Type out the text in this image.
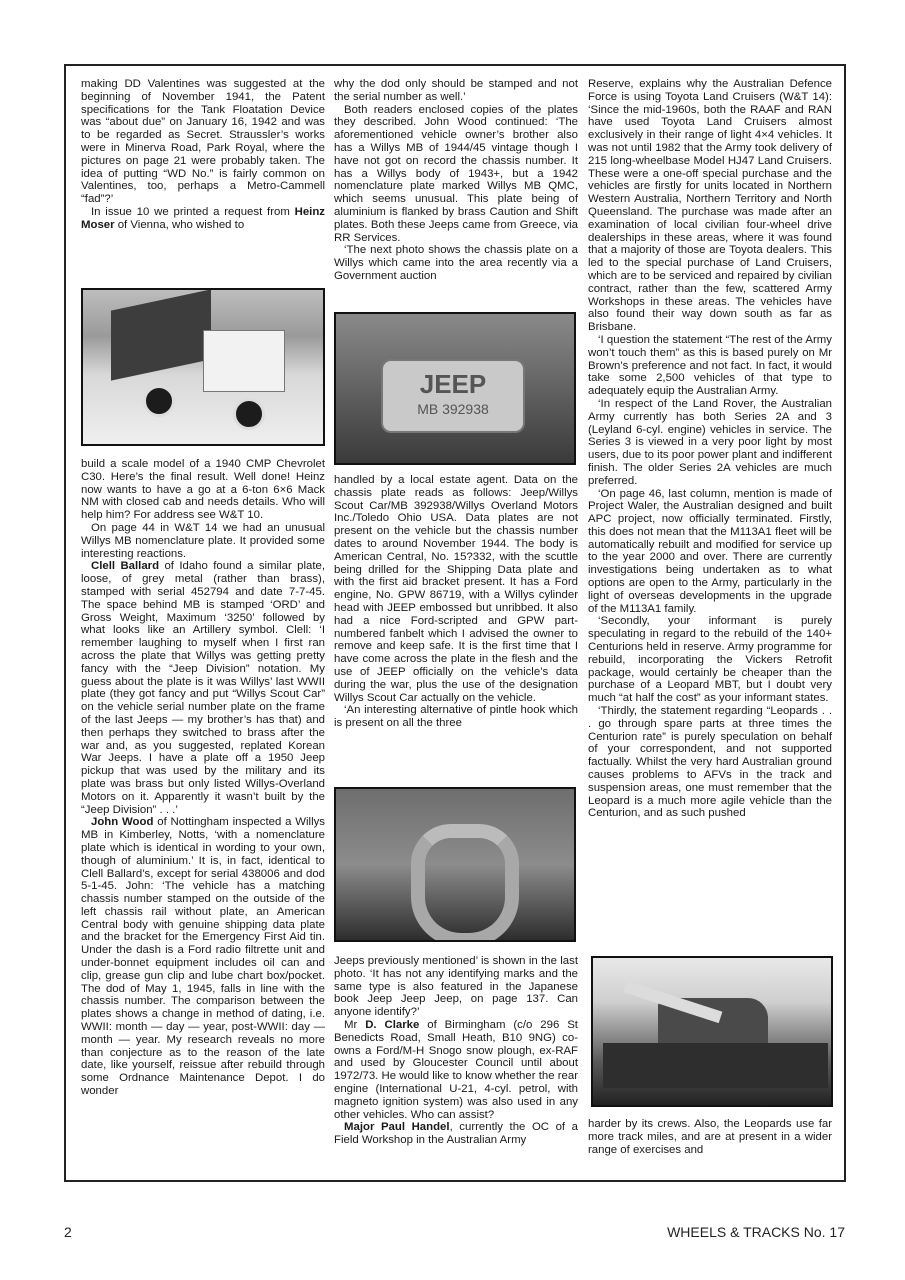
making DD Valentines was suggested at the beginning of November 1941, the Patent specifications for the Tank Floatation Device was “about due” on January 16, 1942 and was to be regarded as Secret. Straussler’s works were in Minerva Road, Park Royal, where the pictures on page 21 were probably taken. The idea of putting “WD No.” is fairly common on Valentines, too, perhaps a Metro-Cammell “fad”?’

In issue 10 we printed a request from Heinz Moser of Vienna, who wished to

build a scale model of a 1940 CMP Chevrolet C30. Here’s the final result. Well done! Heinz now wants to have a go at a 6-ton 6×6 Mack NM with closed cab and needs details. Who will help him? For address see W&T 10.

On page 44 in W&T 14 we had an unusual Willys MB nomenclature plate. It provided some interesting reactions.

Clell Ballard of Idaho found a similar plate, loose, of grey metal (rather than brass), stamped with serial 452794 and date 7-7-45. The space behind MB is stamped ‘ORD’ and Gross Weight, Maximum ‘3250’ followed by what looks like an Artillery symbol. Clell: ‘I remember laughing to myself when I first ran across the plate that Willys was getting pretty fancy with the “Jeep Division” notation. My guess about the plate is it was Willys’ last WWII plate (they got fancy and put “Willys Scout Car” on the vehicle serial number plate on the frame of the last Jeeps — my brother’s has that) and then perhaps they switched to brass after the war and, as you suggested, replated Korean War Jeeps. I have a plate off a 1950 Jeep pickup that was used by the military and its plate was brass but only listed Willys-Overland Motors on it. Apparently it wasn’t built by the “Jeep Division” . . .’

John Wood of Nottingham inspected a Willys MB in Kimberley, Notts, ‘with a nomenclature plate which is identical in wording to your own, though of aluminium.’ It is, in fact, identical to Clell Ballard’s, except for serial 438006 and dod 5-1-45. John: ‘The vehicle has a matching chassis number stamped on the outside of the left chassis rail without plate, an American Central body with genuine shipping data plate and the bracket for the Emergency First Aid tin. Under the dash is a Ford radio filtrette unit and under-bonnet equipment includes oil can and clip, grease gun clip and lube chart box/pocket. The dod of May 1, 1945, falls in line with the chassis number. The comparison between the plates shows a change in method of dating, i.e. WWII: month — day — year, post-WWII: day — month — year. My research reveals no more than conjecture as to the reason of the late date, like yourself, reissue after rebuild through some Ordnance Maintenance Depot. I do wonder

why the dod only should be stamped and not the serial number as well.’

Both readers enclosed copies of the plates they described. John Wood continued: ‘The aforementioned vehicle owner’s brother also has a Willys MB of 1944/45 vintage though I have not got on record the chassis number. It has a Willys body of 1943+, but a 1942 nomenclature plate marked Willys MB QMC, which seems unusual. This plate being of aluminium is flanked by brass Caution and Shift plates. Both these Jeeps came from Greece, via RR Services.

‘The next photo shows the chassis plate on a Willys which came into the area recently via a Government auction

JEEP
MB 392938

handled by a local estate agent. Data on the chassis plate reads as follows: Jeep/Willys Scout Car/MB 392938/Willys Overland Motors Inc./Toledo Ohio USA. Data plates are not present on the vehicle but the chassis number dates to around November 1944. The body is American Central, No. 15?332, with the scuttle being drilled for the Shipping Data plate and with the first aid bracket present. It has a Ford engine, No. GPW 86719, with a Willys cylinder head with JEEP embossed but unribbed. It also had a nice Ford-scripted and GPW part-numbered fanbelt which I advised the owner to remove and keep safe. It is the first time that I have come across the plate in the flesh and the use of JEEP officially on the vehicle’s data during the war, plus the use of the designation Willys Scout Car actually on the vehicle.

‘An interesting alternative of pintle hook which is present on all the three

Jeeps previously mentioned’ is shown in the last photo. ‘It has not any identifying marks and the same type is also featured in the Japanese book Jeep Jeep Jeep, on page 137. Can anyone identify?’

Mr D. Clarke of Birmingham (c/o 296 St Benedicts Road, Small Heath, B10 9NG) co-owns a Ford/M-H Snogo snow plough, ex-RAF and used by Gloucester Council until about 1972/73. He would like to know whether the rear engine (International U-21, 4-cyl. petrol, with magneto ignition system) was also used in any other vehicles. Who can assist?

Major Paul Handel, currently the OC of a Field Workshop in the Australian Army

Reserve, explains why the Australian Defence Force is using Toyota Land Cruisers (W&T 14): ‘Since the mid-1960s, both the RAAF and RAN have used Toyota Land Cruisers almost exclusively in their range of light 4×4 vehicles. It was not until 1982 that the Army took delivery of 215 long-wheelbase Model HJ47 Land Cruisers. These were a one-off special purchase and the vehicles are firstly for units located in Northern Western Australia, Northern Territory and North Queensland. The purchase was made after an examination of local civilian four-wheel drive dealerships in these areas, where it was found that a majority of those are Toyota dealers. This led to the special purchase of Land Cruisers, which are to be serviced and repaired by civilian contract, rather than the few, scattered Army Workshops in these areas. The vehicles have also found their way down south as far as Brisbane.

‘I question the statement “The rest of the Army won’t touch them” as this is based purely on Mr Brown’s preference and not fact. In fact, it would take some 2,500 vehicles of that type to adequately equip the Australian Army.

‘In respect of the Land Rover, the Australian Army currently has both Series 2A and 3 (Leyland 6-cyl. engine) vehicles in service. The Series 3 is viewed in a very poor light by most users, due to its poor power plant and indifferent finish. The older Series 2A vehicles are much preferred.

‘On page 46, last column, mention is made of Project Waler, the Australian designed and built APC project, now officially terminated. Firstly, this does not mean that the M113A1 fleet will be automatically rebuilt and modified for service up to the year 2000 and over. There are currently investigations being undertaken as to what options are open to the Army, particularly in the light of overseas developments in the upgrade of the M113A1 family.

‘Secondly, your informant is purely speculating in regard to the rebuild of the 140+ Centurions held in reserve. Army programme for rebuild, incorporating the Vickers Retrofit package, would certainly be cheaper than the purchase of a Leopard MBT, but I doubt very much “at half the cost” as your informant states.

‘Thirdly, the statement regarding “Leopards . . . go through spare parts at three times the Centurion rate” is purely speculation on behalf of your correspondent, and not supported factually. Whilst the very hard Australian ground causes problems to AFVs in the track and suspension areas, one must remember that the Leopard is a much more agile vehicle than the Centurion, and as such pushed

harder by its crews. Also, the Leopards use far more track miles, and are at present in a wider range of exercises and

2	WHEELS & TRACKS No. 17
